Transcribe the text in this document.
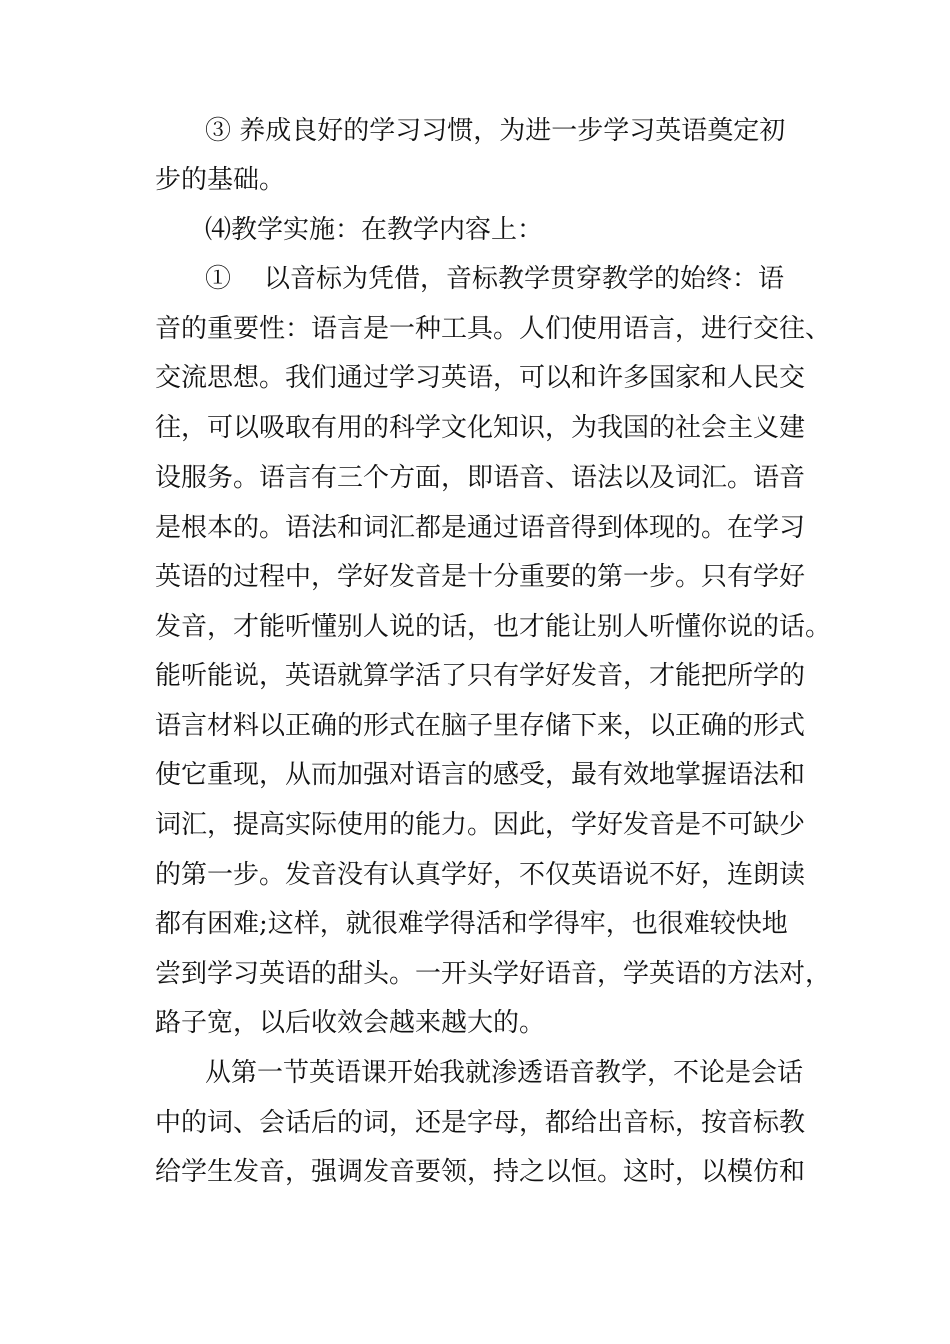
③ 养成良好的学习习惯，为进一步学习英语奠定初
步的基础。
⑷教学实施：在教学内容上：
①    以音标为凭借，音标教学贯穿教学的始终：语
音的重要性：语言是一种工具。人们使用语言，进行交往、
交流思想。我们通过学习英语，可以和许多国家和人民交
往，可以吸取有用的科学文化知识，为我国的社会主义建
设服务。语言有三个方面，即语音、语法以及词汇。语音
是根本的。语法和词汇都是通过语音得到体现的。在学习
英语的过程中，学好发音是十分重要的第一步。只有学好
发音，才能听懂别人说的话，也才能让别人听懂你说的话。
能听能说，英语就算学活了只有学好发音，才能把所学的
语言材料以正确的形式在脑子里存储下来，以正确的形式
使它重现，从而加强对语言的感受，最有效地掌握语法和
词汇，提高实际使用的能力。因此，学好发音是不可缺少
的第一步。发音没有认真学好，不仅英语说不好，连朗读
都有困难;这样，就很难学得活和学得牢，也很难较快地
尝到学习英语的甜头。一开头学好语音，学英语的方法对，
路子宽，以后收效会越来越大的。
从第一节英语课开始我就渗透语音教学，不论是会话
中的词、会话后的词，还是字母，都给出音标，按音标教
给学生发音，强调发音要领，持之以恒。这时，以模仿和
